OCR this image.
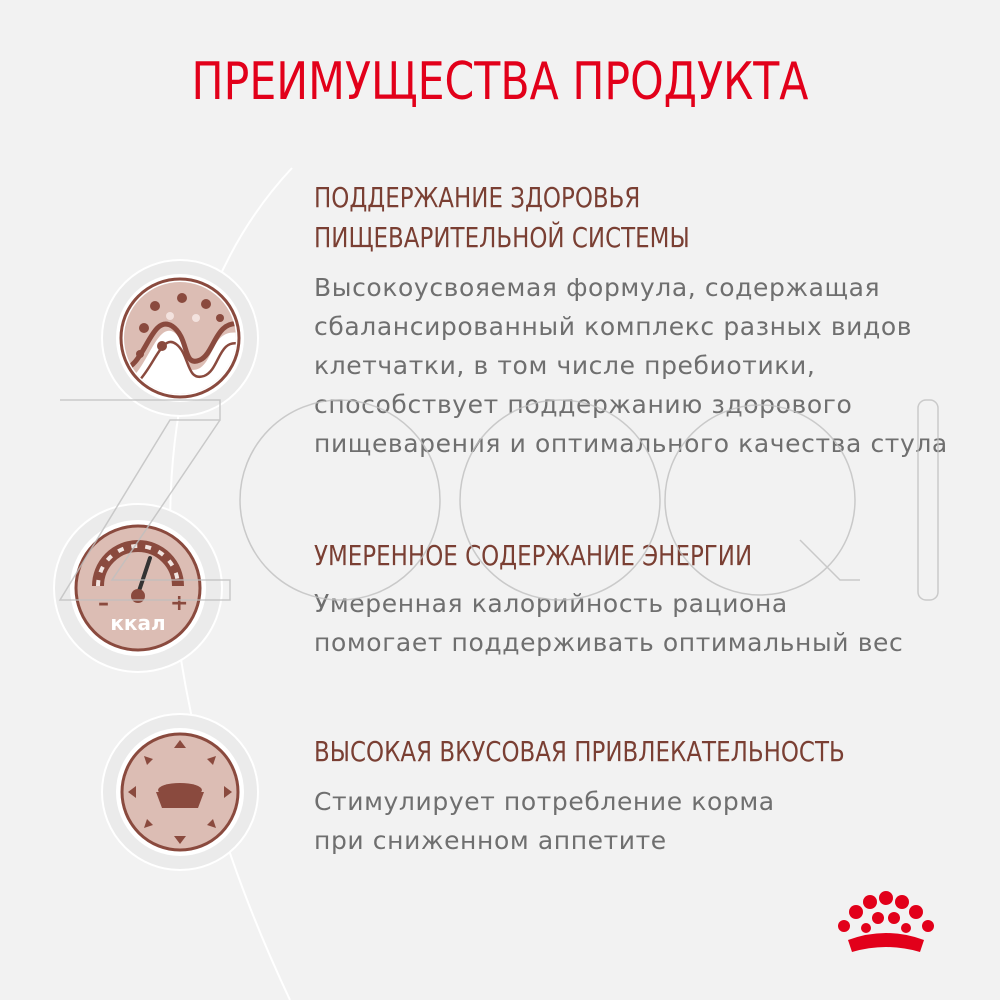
ПРЕИМУЩЕСТВА ПРОДУКТА
–	+
ккал

ПОДДЕРЖАНИЕ ЗДОРОВЬЯ

ПИЩЕВАРИТЕЛЬНОЙ СИСТЕМЫ

Высокоусвояемая формула, содержащая

сбалансированный комплекс разных видов

клетчатки, в том числе пребиотики,

способствует поддержанию здорового

пищеварения и оптимального качества стула

УМЕРЕННОЕ СОДЕРЖАНИЕ ЭНЕРГИИ

Умеренная калорийность рациона

помогает поддерживать оптимальный вес

ВЫСОКАЯ ВКУСОВАЯ ПРИВЛЕКАТЕЛЬНОСТЬ

Стимулирует потребление корма

при сниженном аппетите
